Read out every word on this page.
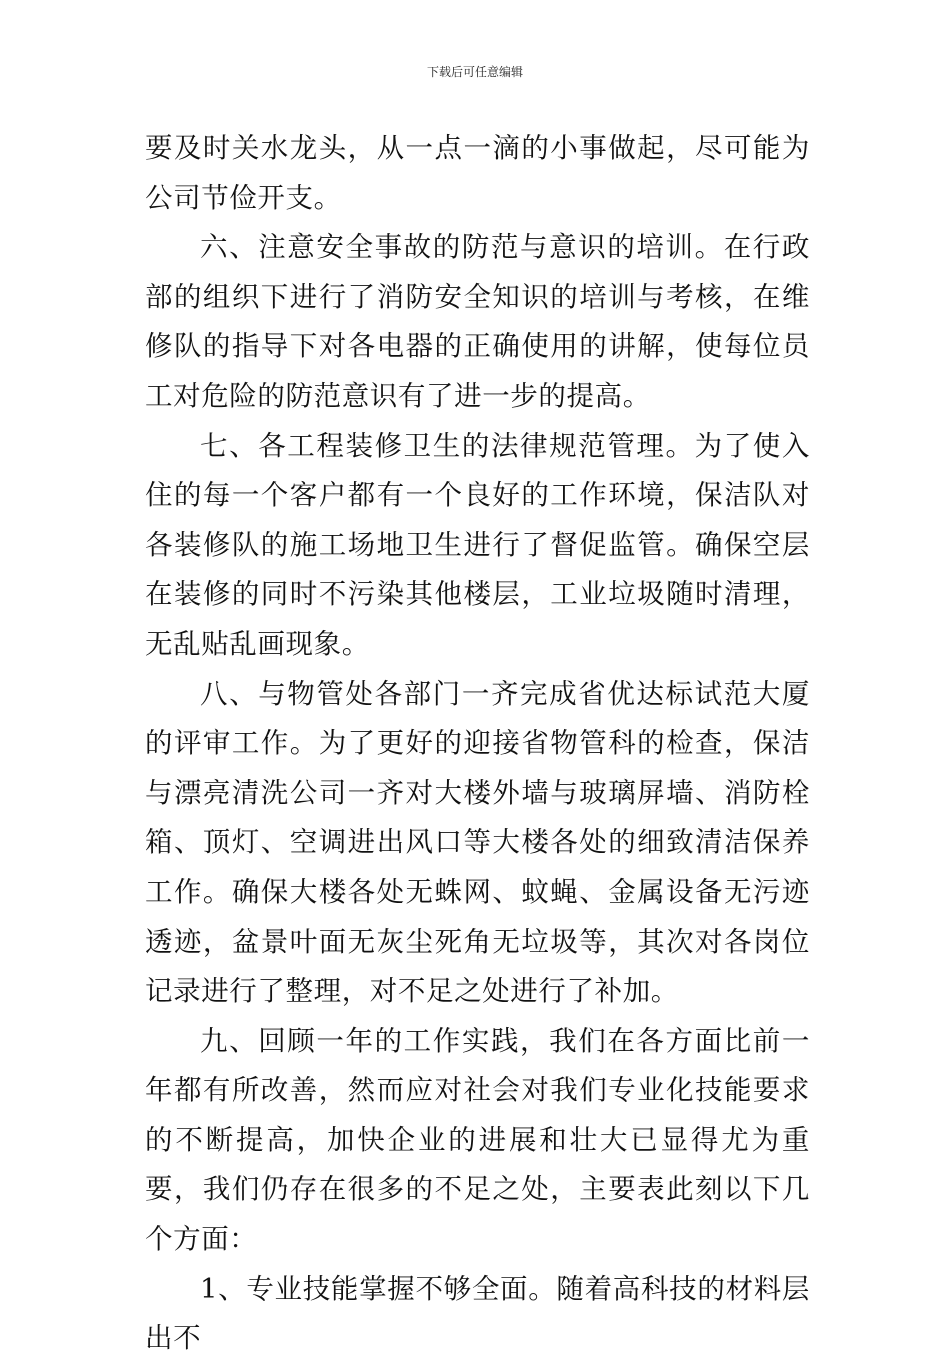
下载后可任意编辑

要及时关水龙头，从一点一滴的小事做起，尽可能为公司节俭开支。

六、注意安全事故的防范与意识的培训。在行政部的组织下进行了消防安全知识的培训与考核，在维修队的指导下对各电器的正确使用的讲解，使每位员工对危险的防范意识有了进一步的提高。

七、各工程装修卫生的法律规范管理。为了使入住的每一个客户都有一个良好的工作环境，保洁队对各装修队的施工场地卫生进行了督促监管。确保空层在装修的同时不污染其他楼层，工业垃圾随时清理，无乱贴乱画现象。

八、与物管处各部门一齐完成省优达标试范大厦的评审工作。为了更好的迎接省物管科的检查，保洁与漂亮清洗公司一齐对大楼外墙与玻璃屏墙、消防栓箱、顶灯、空调进出风口等大楼各处的细致清洁保养工作。确保大楼各处无蛛网、蚊蝇、金属设备无污迹透迹，盆景叶面无灰尘死角无垃圾等，其次对各岗位记录进行了整理，对不足之处进行了补加。

九、回顾一年的工作实践，我们在各方面比前一年都有所改善，然而应对社会对我们专业化技能要求的不断提高，加快企业的进展和壮大已显得尤为重要，我们仍存在很多的不足之处，主要表此刻以下几个方面：

1、专业技能掌握不够全面。随着高科技的材料层出不
